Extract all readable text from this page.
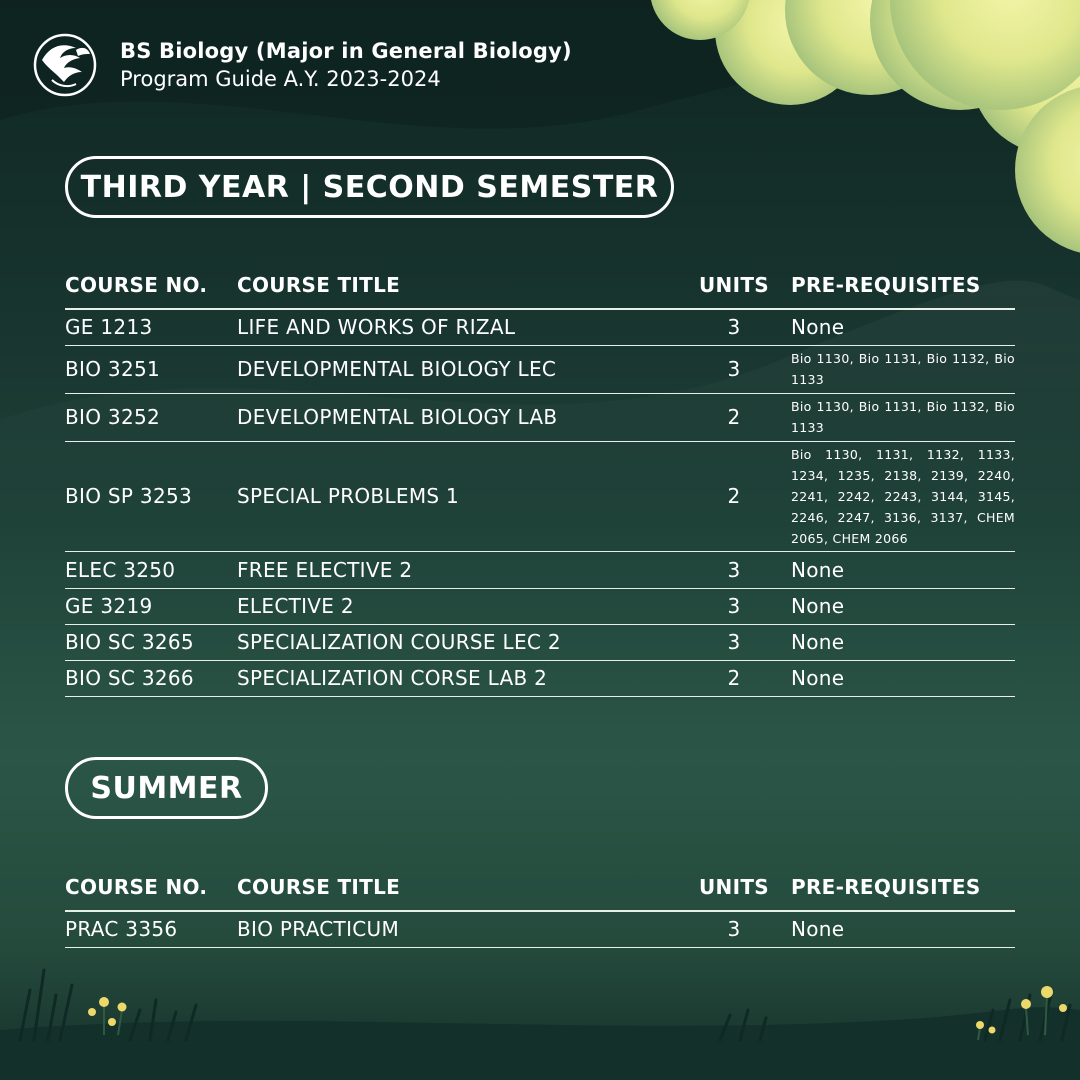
BS Biology (Major in General Biology)
Program Guide A.Y. 2023-2024
THIRD YEAR | SECOND SEMESTER
COURSE NO.	COURSE TITLE	UNITS	PRE-REQUISITES
GE 1213	LIFE AND WORKS OF RIZAL	3	None
BIO 3251	DEVELOPMENTAL BIOLOGY LEC	3	Bio 1130, Bio 1131, Bio 1132, Bio 1133
BIO 3252	DEVELOPMENTAL BIOLOGY LAB	2	Bio 1130, Bio 1131, Bio 1132, Bio 1133
BIO SP 3253	SPECIAL PROBLEMS 1	2	Bio 1130, 1131, 1132, 1133, 1234, 1235, 2138, 2139, 2240, 2241, 2242, 2243, 3144, 3145, 2246, 2247, 3136, 3137, CHEM 2065, CHEM 2066
ELEC 3250	FREE ELECTIVE 2	3	None
GE 3219	ELECTIVE 2	3	None
BIO SC 3265	SPECIALIZATION COURSE LEC 2	3	None
BIO SC 3266	SPECIALIZATION CORSE LAB 2	2	None
SUMMER
COURSE NO.	COURSE TITLE	UNITS	PRE-REQUISITES
PRAC 3356	BIO PRACTICUM	3	None
